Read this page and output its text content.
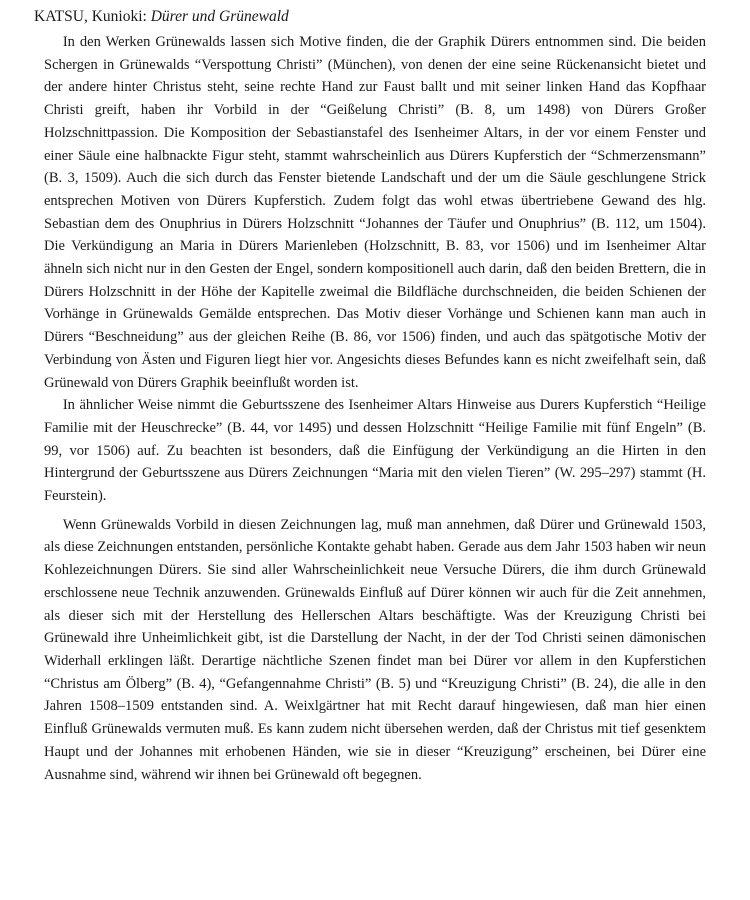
KATSU, Kunioki: Dürer und Grünewald

In den Werken Grünewalds lassen sich Motive finden, die der Graphik Dürers entnommen sind. Die beiden Schergen in Grünewalds “Verspottung Christi” (München), von denen der eine seine Rückenansicht bietet und der andere hinter Christus steht, seine rechte Hand zur Faust ballt und mit seiner linken Hand das Kopfhaar Christi greift, haben ihr Vorbild in der “Geißelung Christi” (B. 8, um 1498) von Dürers Großer Holzschnittpassion. Die Komposition der Sebastianstafel des Isenheimer Altars, in der vor einem Fenster und einer Säule eine halbnackte Figur steht, stammt wahrscheinlich aus Dürers Kupferstich der “Schmerzensmann” (B. 3, 1509). Auch die sich durch das Fenster bietende Landschaft und der um die Säule geschlungene Strick entsprechen Motiven von Dürers Kupferstich. Zudem folgt das wohl etwas übertriebene Gewand des hlg. Sebastian dem des Onuphrius in Dürers Holzschnitt “Johannes der Täufer und Onuphrius” (B. 112, um 1504). Die Verkündigung an Maria in Dürers Marienleben (Holzschnitt, B. 83, vor 1506) und im Isenheimer Altar ähneln sich nicht nur in den Gesten der Engel, sondern kompositionell auch darin, daß den beiden Brettern, die in Dürers Holzschnitt in der Höhe der Kapitelle zweimal die Bildfläche durchschneiden, die beiden Schienen der Vorhänge in Grünewalds Gemälde entsprechen. Das Motiv dieser Vorhänge und Schienen kann man auch in Dürers “Beschneidung” aus der gleichen Reihe (B. 86, vor 1506) finden, und auch das spätgotische Motiv der Verbindung von Ästen und Figuren liegt hier vor. Angesichts dieses Befundes kann es nicht zweifelhaft sein, daß Grünewald von Dürers Graphik beeinflußt worden ist.

In ähnlicher Weise nimmt die Geburtsszene des Isenheimer Altars Hinweise aus Durers Kupferstich “Heilige Familie mit der Heuschrecke” (B. 44, vor 1495) und dessen Holzschnitt “Heilige Familie mit fünf Engeln” (B. 99, vor 1506) auf. Zu beachten ist besonders, daß die Einfügung der Verkündigung an die Hirten in den Hintergrund der Geburtsszene aus Dürers Zeichnungen “Maria mit den vielen Tieren” (W. 295–297) stammt (H. Feurstein).

Wenn Grünewalds Vorbild in diesen Zeichnungen lag, muß man annehmen, daß Dürer und Grünewald 1503, als diese Zeichnungen entstanden, persönliche Kontakte gehabt haben. Gerade aus dem Jahr 1503 haben wir neun Kohlezeichnungen Dürers. Sie sind aller Wahrscheinlichkeit neue Versuche Dürers, die ihm durch Grünewald erschlossene neue Technik anzuwenden. Grünewalds Einfluß auf Dürer können wir auch für die Zeit annehmen, als dieser sich mit der Herstellung des Hellerschen Altars beschäftigte. Was der Kreuzigung Christi bei Grünewald ihre Unheimlichkeit gibt, ist die Darstellung der Nacht, in der der Tod Christi seinen dämonischen Widerhall erklingen läßt. Derartige nächtliche Szenen findet man bei Dürer vor allem in den Kupferstichen “Christus am Ölberg” (B. 4), “Gefangennahme Christi” (B. 5) und “Kreuzigung Christi” (B. 24), die alle in den Jahren 1508–1509 entstanden sind. A. Weixlgärtner hat mit Recht darauf hingewiesen, daß man hier einen Einfluß Grünewalds vermuten muß. Es kann zudem nicht übersehen werden, daß der Christus mit tief gesenktem Haupt und der Johannes mit erhobenen Händen, wie sie in dieser “Kreuzigung” erscheinen, bei Dürer eine Ausnahme sind, während wir ihnen bei Grünewald oft begegnen.
